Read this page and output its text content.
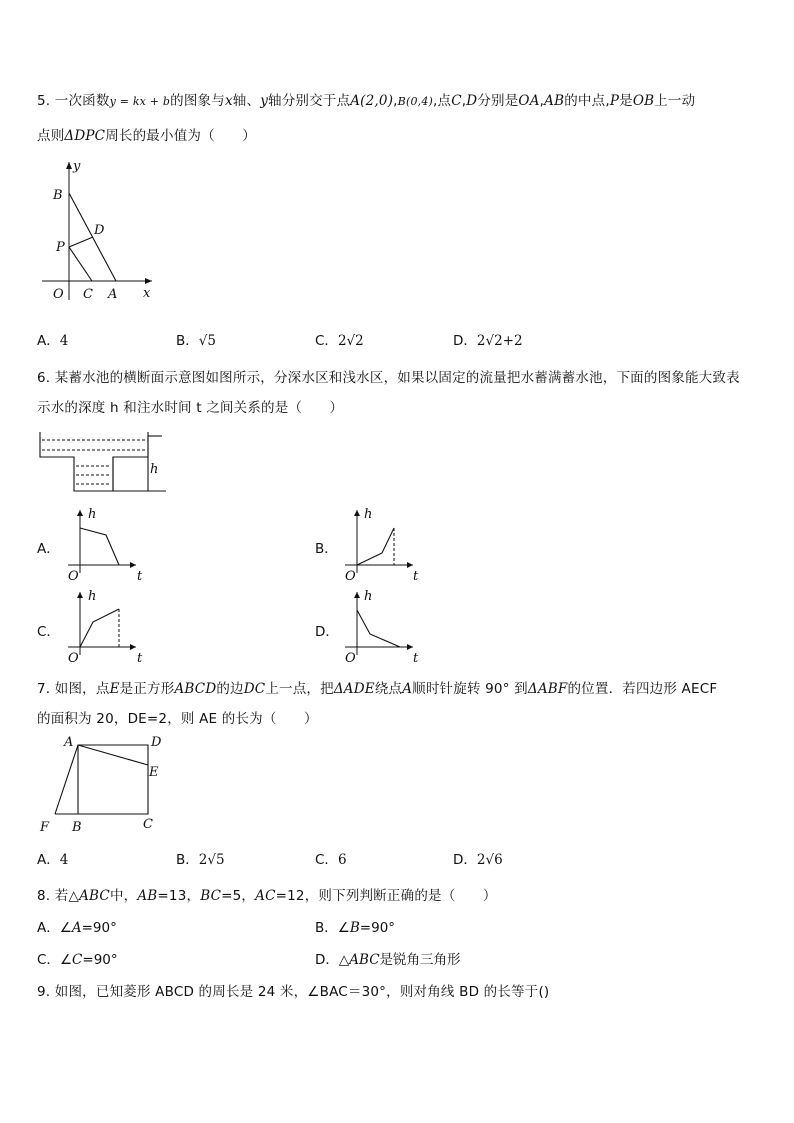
5. 一次函数y = kx + b的图象与x轴、y轴分别交于点A(2,0),B(0,4),点C,D分别是OA,AB的中点,P是OB上一动
点则ΔDPC周长的最小值为（　　）
y
B
D
P
O C A x
A．4	B．√5	C．2√2	D．2√2+2
6. 某蓄水池的横断面示意图如图所示，分深水区和浅水区，如果以固定的流量把水蓄满蓄水池，下面的图象能大致表
示水的深度 h 和注水时间 t 之间关系的是（　　）
h
A．	B．
C．	D．
h
O	t
h
O	t
h
O	t
h
O	t
7. 如图，点E是正方形ABCD的边DC上一点，把ΔADE绕点A顺时针旋转 90° 到ΔABF的位置．若四边形 AECF
的面积为 20，DE=2，则 AE 的长为（　　）
A	D
E
F B	C
A．4	B．2√5	C．6	D．2√6
8. 若△ABC中，AB=13，BC=5，AC=12，则下列判断正确的是（　　）
A．∠A=90°	B．∠B=90°
C．∠C=90°	D．△ABC是锐角三角形
9. 如图，已知菱形 ABCD 的周长是 24 米，∠BAC＝30°，则对角线 BD 的长等于()
